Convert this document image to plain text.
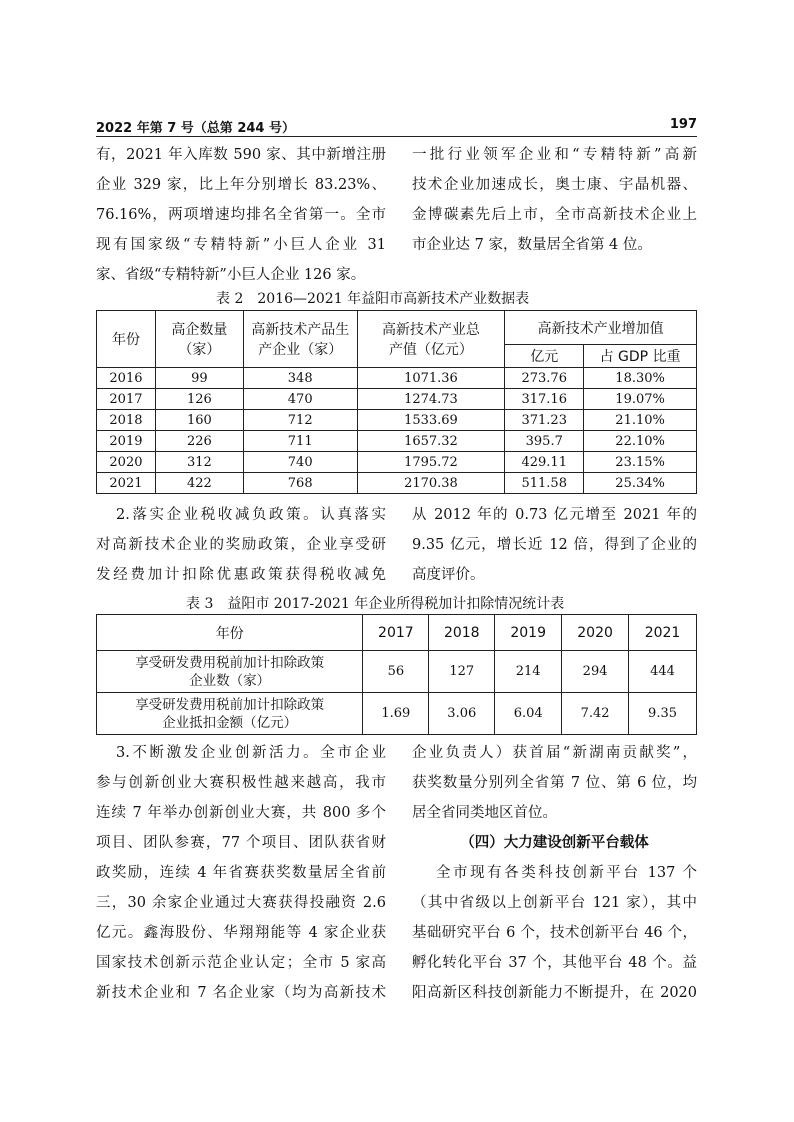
2022 年第 7 号（总第 244 号）	197
有，2021 年入库数 590 家、其中新增注册
企业 329 家，比上年分别增长 83.23%、
76.16%，两项增速均排名全省第一。全市
现有国家级“专精特新”小巨人企业 31
家、省级“专精特新”小巨人企业 126 家。
一批行业领军企业和“专精特新”高新
技术企业加速成长，奥士康、宇晶机器、
金博碳素先后上市，全市高新技术企业上
市企业达 7 家，数量居全省第 4 位。
表 2　2016—2021 年益阳市高新技术产业数据表
年份	高企数量（家）	高新技术产品生产企业（家）	高新技术产业总产值（亿元）	高新技术产业增加值	
				亿元	占 GDP 比重
2016	99	348	1071.36	273.76	18.30%
2017	126	470	1274.73	317.16	19.07%
2018	160	712	1533.69	371.23	21.10%
2019	226	711	1657.32	395.7	22.10%
2020	312	740	1795.72	429.11	23.15%
2021	422	768	2170.38	511.58	25.34%
2.落实企业税收减负政策。认真落实
对高新技术企业的奖励政策，企业享受研
发经费加计扣除优惠政策获得税收减免
从 2012 年的 0.73 亿元增至 2021 年的
9.35 亿元，增长近 12 倍，得到了企业的
高度评价。
表 3　益阳市 2017-2021 年企业所得税加计扣除情况统计表
年份	2017	2018	2019	2020	2021

享受研发费用税前加计扣除政策
企业数（家）	56	127	214	294	444

享受研发费用税前加计扣除政策
企业抵扣金额（亿元）	1.69	3.06	6.04	7.42	9.35
3.不断激发企业创新活力。全市企业
参与创新创业大赛积极性越来越高，我市
连续 7 年举办创新创业大赛，共 800 多个
项目、团队参赛，77 个项目、团队获省财
政奖励，连续 4 年省赛获奖数量居全省前
三，30 余家企业通过大赛获得投融资 2.6
亿元。鑫海股份、华翔翔能等 4 家企业获
国家技术创新示范企业认定；全市 5 家高
新技术企业和 7 名企业家（均为高新技术
企业负责人）获首届“新湖南贡献奖”，
获奖数量分别列全省第 7 位、第 6 位，均
居全省同类地区首位。
（四）大力建设创新平台载体
全市现有各类科技创新平台 137 个
（其中省级以上创新平台 121 家），其中
基础研究平台 6 个，技术创新平台 46 个，
孵化转化平台 37 个，其他平台 48 个。益
阳高新区科技创新能力不断提升，在 2020
